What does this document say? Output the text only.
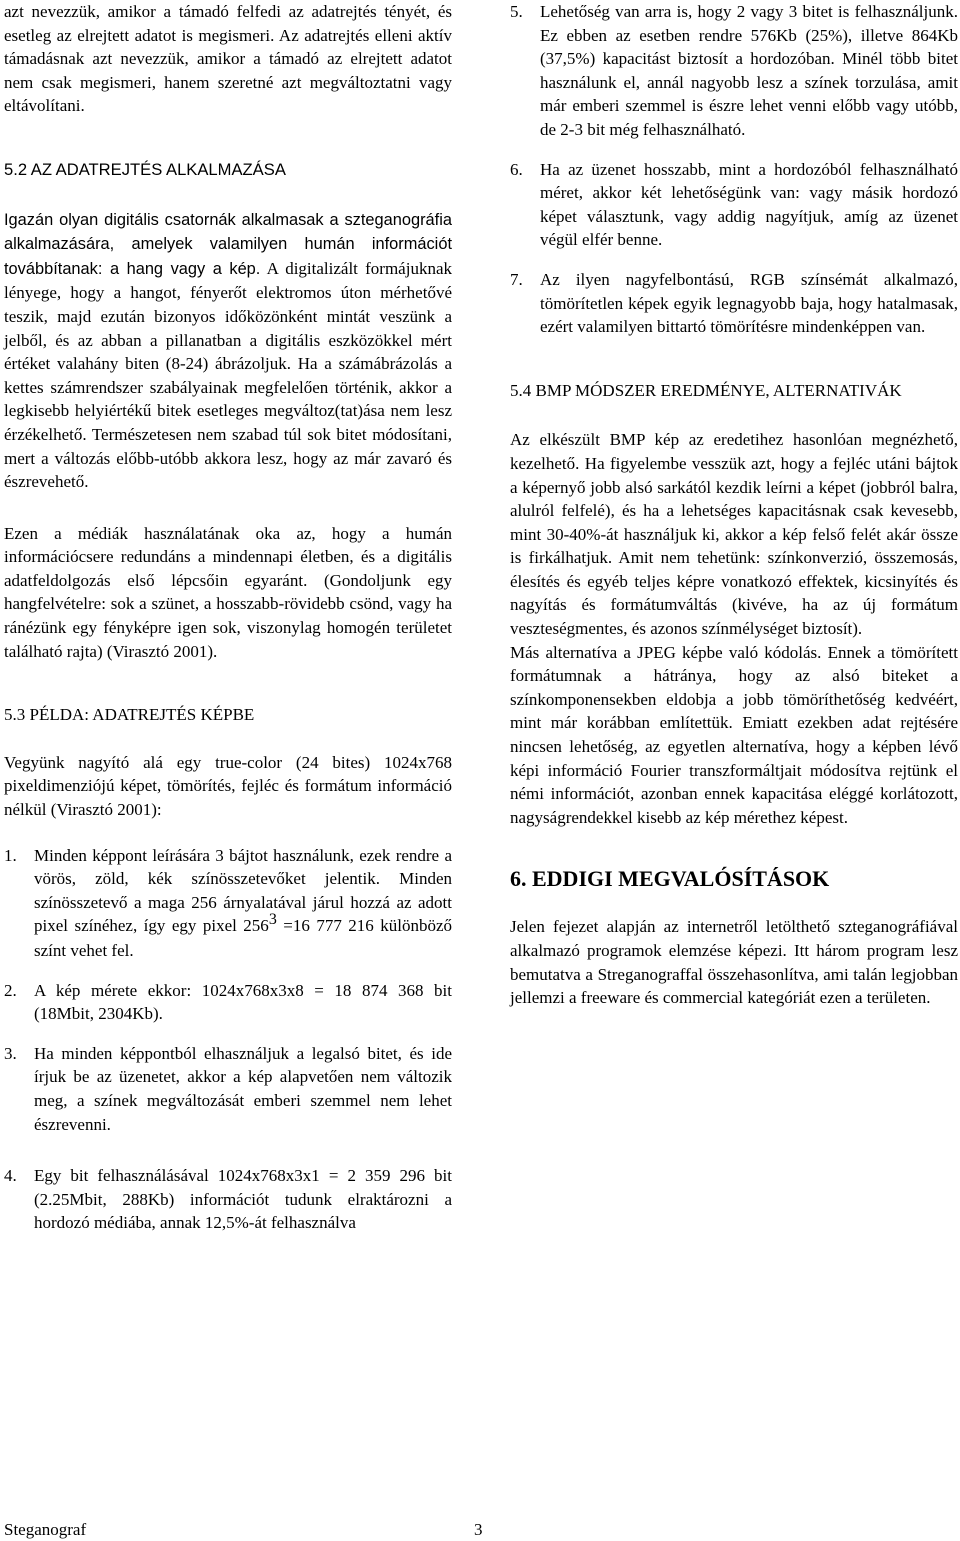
azt nevezzük, amikor a támadó felfedi az adatrejtés tényét, és esetleg az elrejtett adatot is megismeri. Az adatrejtés elleni aktív támadásnak azt nevezzük, amikor a támadó az elrejtett adatot nem csak megismeri, hanem szeretné azt megváltoztatni vagy eltávolítani.

5.2 AZ ADATREJTÉS ALKALMAZÁSA

Igazán olyan digitális csatornák alkalmasak a szteganográfia alkalmazására, amelyek valamilyen humán információt továbbítanak: a hang vagy a kép. A digitalizált formájuknak lényege, hogy a hangot, fényerőt elektromos úton mérhetővé teszik, majd ezután bizonyos időközönként mintát veszünk a jelből, és az abban a pillanatban a digitális eszközökkel mért értéket valahány biten (8-24) ábrázoljuk. Ha a számábrázolás a kettes számrendszer szabályainak megfelelően történik, akkor a legkisebb helyiértékű bitek esetleges megváltoz(tat)ása nem lesz érzékelhető. Természetesen nem szabad túl sok bitet módosítani, mert a változás előbb-utóbb akkora lesz, hogy az már zavaró és észrevehető.

Ezen a médiák használatának oka az, hogy a humán információcsere redundáns a mindennapi életben, és a digitális adatfeldolgozás első lépcsőin egyaránt. (Gondoljunk egy hangfelvételre: sok a szünet, a hosszabb-rövidebb csönd, vagy ha ránézünk egy fényképre igen sok, viszonylag homogén területet található rajta) (Virasztó 2001).

5.3 PÉLDA: ADATREJTÉS KÉPBE

Vegyünk nagyító alá egy true-color (24 bites) 1024x768 pixeldimenziójú képet, tömörítés, fejléc és formátum információ nélkül (Virasztó 2001):

1. Minden képpont leírására 3 bájtot használunk, ezek rendre a vörös, zöld, kék színösszetevőket jelentik. Minden színösszetevő a maga 256 árnyalatával járul hozzá az adott pixel színéhez, így egy pixel 2563 =16 777 216 különböző színt vehet fel.
2. A kép mérete ekkor: 1024x768x3x8 = 18 874 368 bit (18Mbit, 2304Kb).
3. Ha minden képpontból elhasználjuk a legalsó bitet, és ide írjuk be az üzenetet, akkor a kép alapvetően nem változik meg, a színek megváltozását emberi szemmel nem lehet észrevenni.
4. Egy bit felhasználásával 1024x768x3x1 = 2 359 296 bit (2.25Mbit, 288Kb) információt tudunk elraktározni a hordozó médiába, annak 12,5%-át felhasználva
5. Lehetőség van arra is, hogy 2 vagy 3 bitet is felhasználjunk. Ez ebben az esetben rendre 576Kb (25%), illetve 864Kb (37,5%) kapacitást biztosít a hordozóban. Minél több bitet használunk el, annál nagyobb lesz a színek torzulása, amit már emberi szemmel is észre lehet venni előbb vagy utóbb, de 2-3 bit még felhasználható.
6. Ha az üzenet hosszabb, mint a hordozóból felhasználható méret, akkor két lehetőségünk van: vagy másik hordozó képet választunk, vagy addig nagyítjuk, amíg az üzenet végül elfér benne.
7. Az ilyen nagyfelbontású, RGB színsémát alkalmazó, tömörítetlen képek egyik legnagyobb baja, hogy hatalmasak, ezért valamilyen bittartó tömörítésre mindenképpen van.
5.4 BMP MÓDSZER EREDMÉNYE, ALTERNATIVÁK

Az elkészült BMP kép az eredetihez hasonlóan megnézhető, kezelhető. Ha figyelembe vesszük azt, hogy a fejléc utáni bájtok a képernyő jobb alsó sarkától kezdik leírni a képet (jobbról balra, alulról felfelé), és ha a lehetséges kapacitásnak csak kevesebb, mint 30-40%-át használjuk ki, akkor a kép felső felét akár össze is firkálhatjuk. Amit nem tehetünk: színkonverzió, összemosás, élesítés és egyéb teljes képre vonatkozó effektek, kicsinyítés és nagyítás és formátumváltás (kivéve, ha az új formátum veszteségmentes, és azonos színmélységet biztosít).

Más alternatíva a JPEG képbe való kódolás. Ennek a tömörített formátumnak a hátránya, hogy az alsó biteket a színkomponensekben eldobja a jobb tömöríthetőség kedvéért, mint már korábban említettük. Emiatt ezekben adat rejtésére nincsen lehetőség, az egyetlen alternatíva, hogy a képben lévő képi információ Fourier transzformáltjait módosítva rejtünk el némi információt, azonban ennek kapacitása eléggé korlátozott, nagyságrendekkel kisebb az kép mérethez képest.

6. EDDIGI MEGVALÓSÍTÁSOK

Jelen fejezet alapján az internetről letölthető szteganográfiával alkalmazó programok elemzése képezi. Itt három program lesz bemutatva a Streganograffal összehasonlítva, ami talán legjobban jellemzi a freeware és commercial kategóriát ezen a területen.

Steganograf	3
